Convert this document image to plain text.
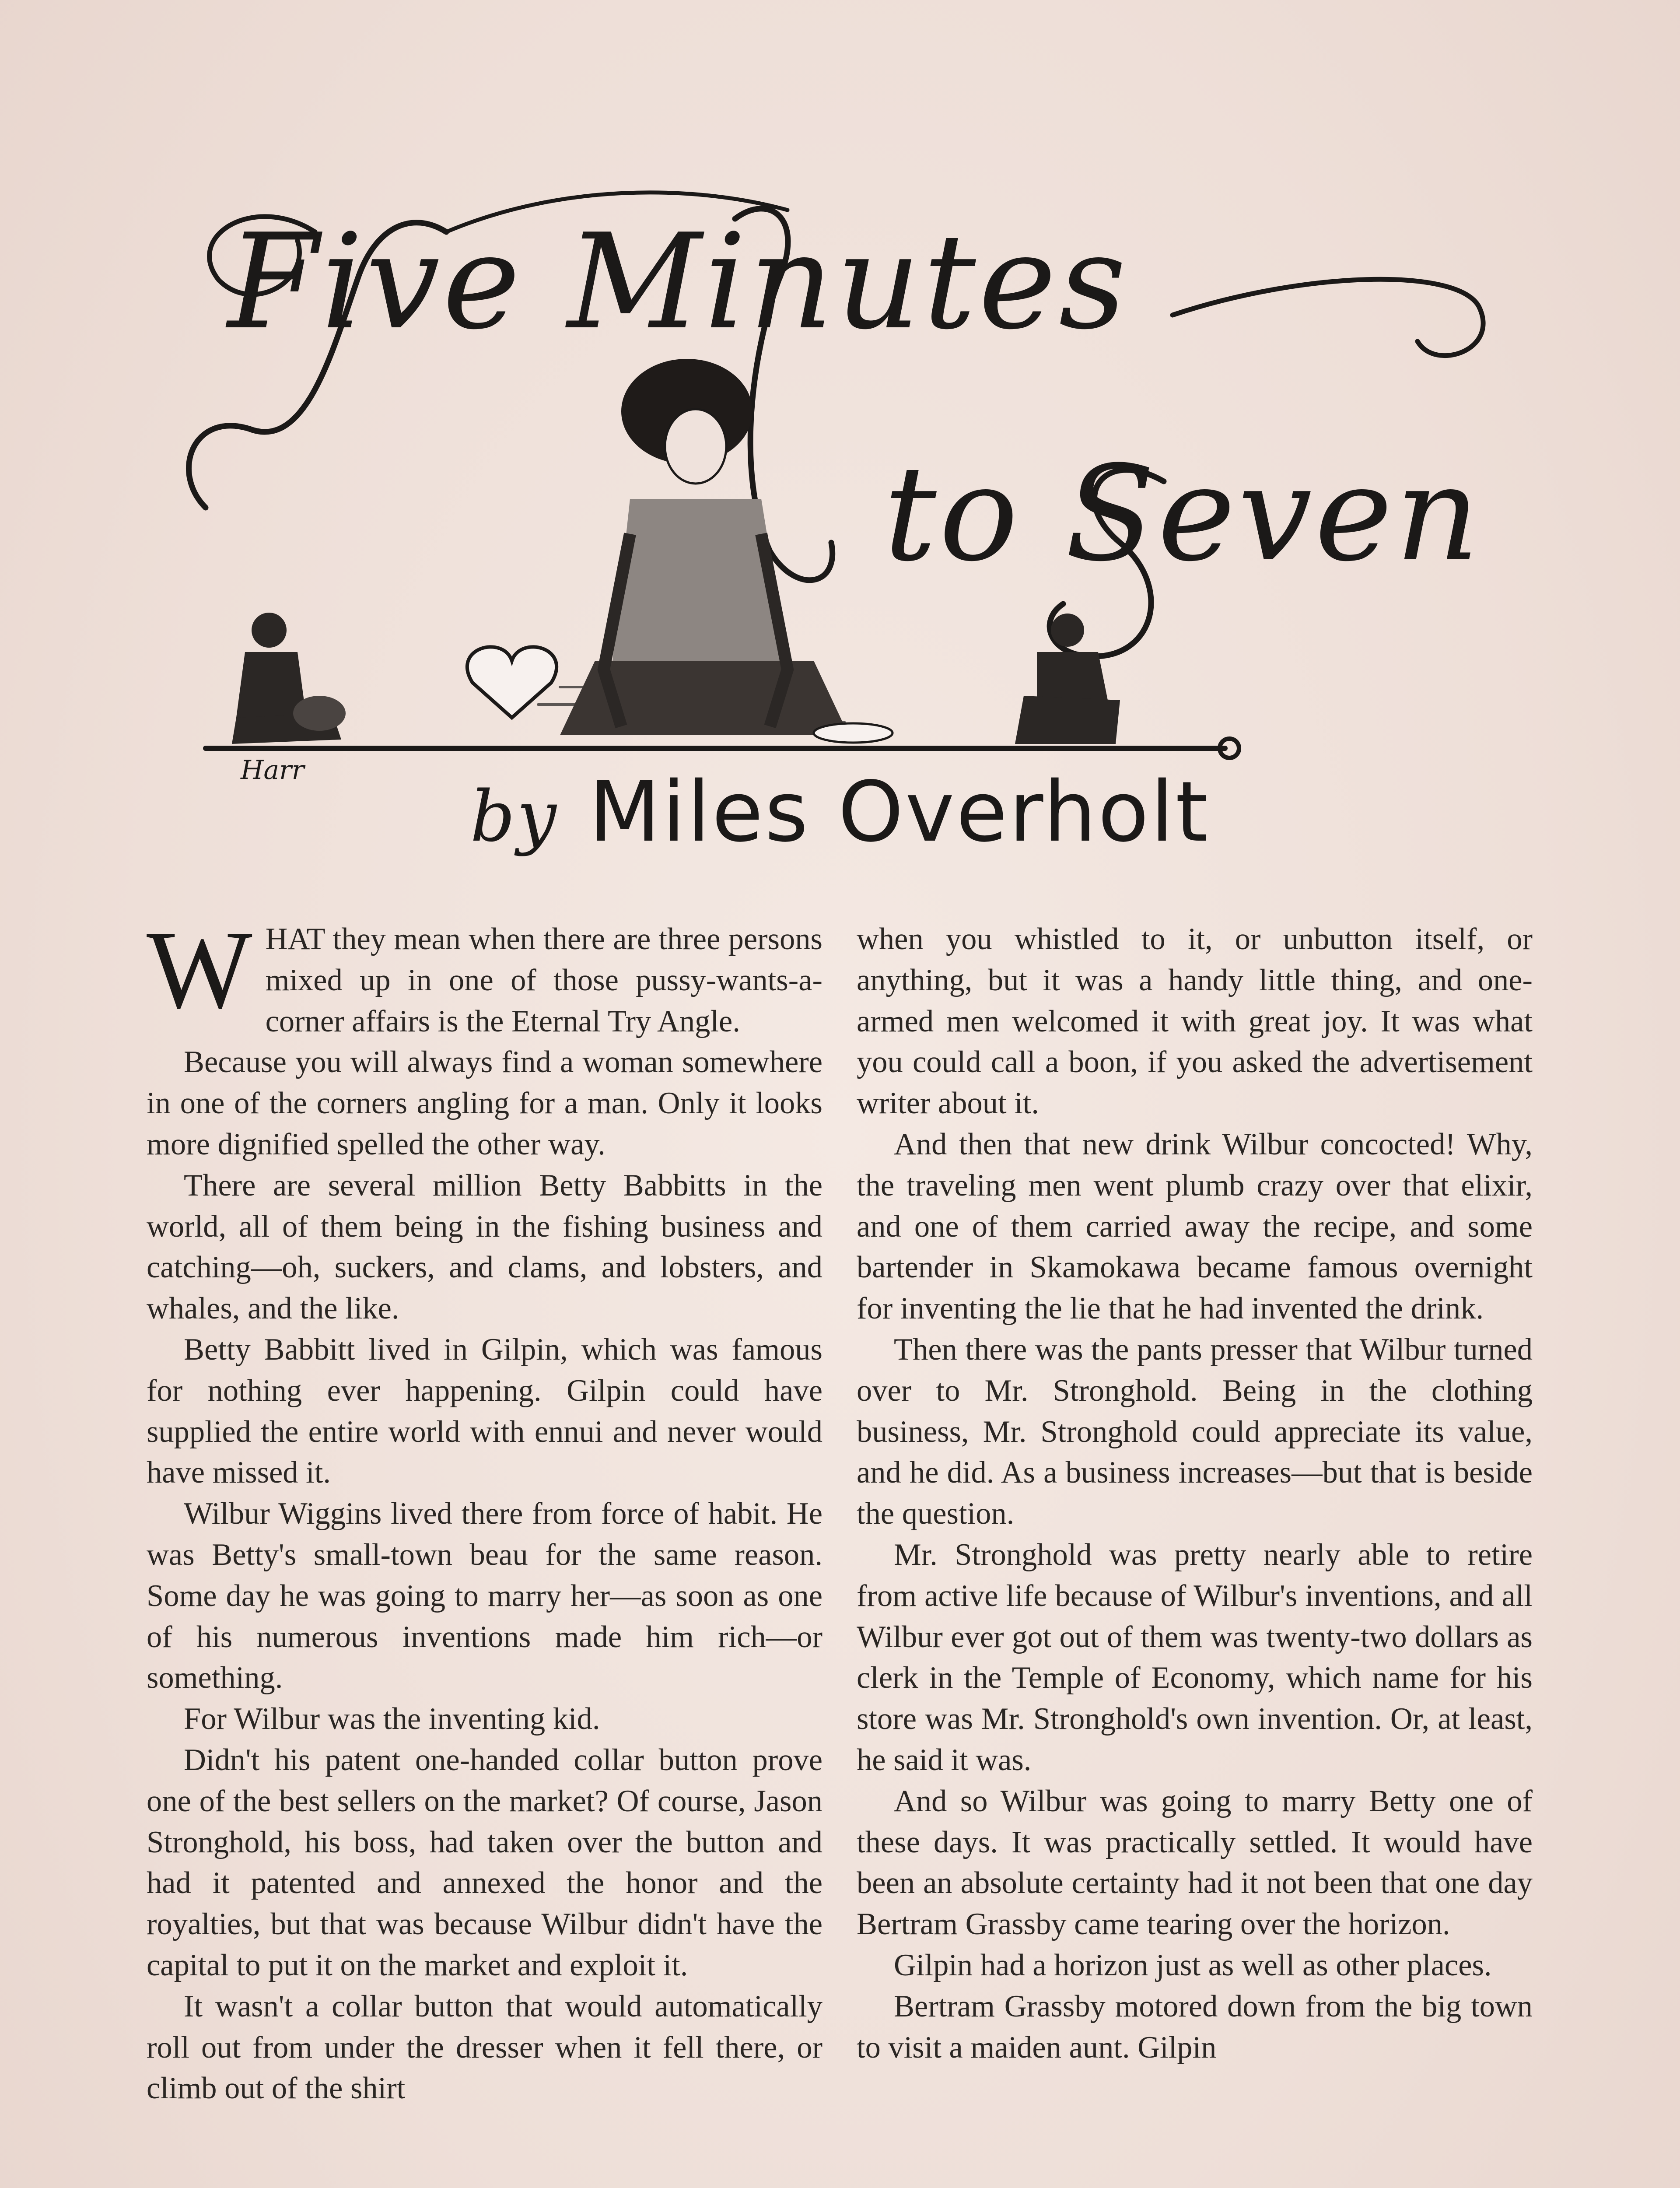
Harr
Five Minutes
to Seven
by Miles Overholt

WHAT they mean when there are three persons mixed up in one of those pussy-wants-a-corner affairs is the Eternal Try Angle.

Because you will always find a woman somewhere in one of the corners angling for a man. Only it looks more dignified spelled the other way.

There are several million Betty Babbitts in the world, all of them being in the fishing business and catching—oh, suckers, and clams, and lobsters, and whales, and the like.

Betty Babbitt lived in Gilpin, which was famous for nothing ever happening. Gilpin could have supplied the entire world with ennui and never would have missed it.

Wilbur Wiggins lived there from force of habit. He was Betty's small-town beau for the same reason. Some day he was going to marry her—as soon as one of his numerous inventions made him rich—or something.

For Wilbur was the inventing kid.

Didn't his patent one-handed collar button prove one of the best sellers on the market? Of course, Jason Stronghold, his boss, had taken over the button and had it patented and annexed the honor and the royalties, but that was because Wilbur didn't have the capital to put it on the market and exploit it.

It wasn't a collar button that would automatically roll out from under the dresser when it fell there, or climb out of the shirt

when you whistled to it, or unbutton itself, or anything, but it was a handy little thing, and one-armed men welcomed it with great joy. It was what you could call a boon, if you asked the advertisement writer about it.

And then that new drink Wilbur concocted! Why, the traveling men went plumb crazy over that elixir, and one of them carried away the recipe, and some bartender in Skamokawa became famous overnight for inventing the lie that he had invented the drink.

Then there was the pants presser that Wilbur turned over to Mr. Stronghold. Being in the clothing business, Mr. Stronghold could appreciate its value, and he did. As a business increases—but that is beside the question.

Mr. Stronghold was pretty nearly able to retire from active life because of Wilbur's inventions, and all Wilbur ever got out of them was twenty-two dollars as clerk in the Temple of Economy, which name for his store was Mr. Stronghold's own invention. Or, at least, he said it was.

And so Wilbur was going to marry Betty one of these days. It was practically settled. It would have been an absolute certainty had it not been that one day Bertram Grassby came tearing over the horizon.

Gilpin had a horizon just as well as other places.

Bertram Grassby motored down from the big town to visit a maiden aunt. Gilpin
